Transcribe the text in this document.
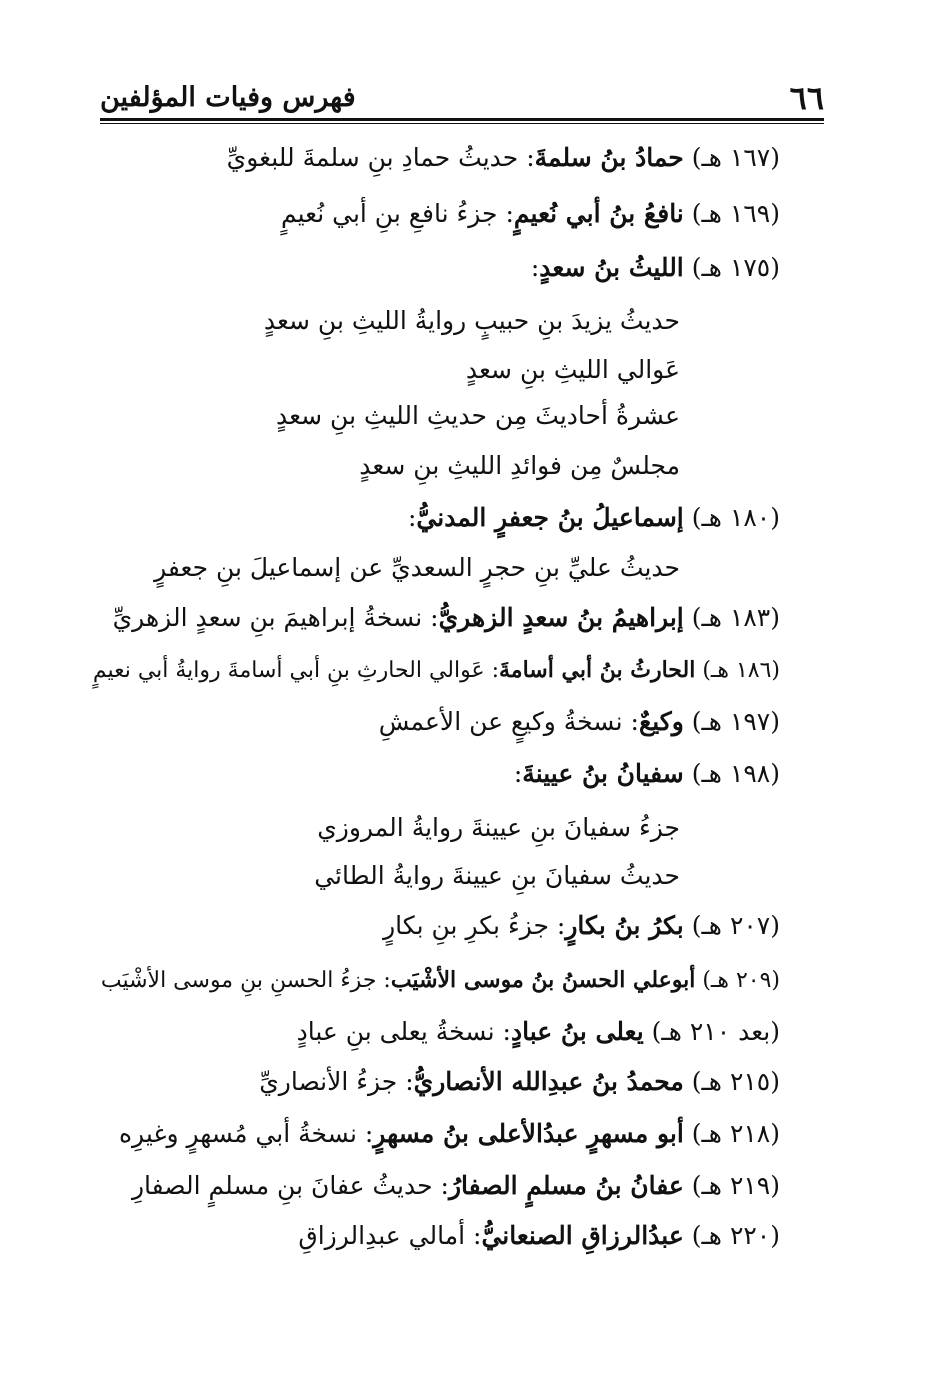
٦٦
فهرس وفيات المؤلفين
(١٦٧ هـ) حمادُ بنُ سلمةَ: حديثُ حمادِ بنِ سلمةَ للبغويِّ
(١٦٩ هـ) نافعُ بنُ أبي نُعيمٍ: جزءُ نافعِ بنِ أبي نُعيمٍ
(١٧٥ هـ) الليثُ بنُ سعدٍ:
حديثُ يزيدَ بنِ حبيبٍ روايةُ الليثِ بنِ سعدٍ
عَوالي الليثِ بنِ سعدٍ
عشرةُ أحاديثَ مِن حديثِ الليثِ بنِ سعدٍ
مجلسٌ مِن فوائدِ الليثِ بنِ سعدٍ
(١٨٠ هـ) إسماعيلُ بنُ جعفرٍ المدنيُّ:
حديثُ عليِّ بنِ حجرٍ السعديِّ عن إسماعيلَ بنِ جعفرٍ
(١٨٣ هـ) إبراهيمُ بنُ سعدٍ الزهريُّ: نسخةُ إبراهيمَ بنِ سعدٍ الزهريِّ
(١٨٦ هـ) الحارثُ بنُ أبي أسامةَ: عَوالي الحارثِ بنِ أبي أسامةَ روايةُ أبي نعيمٍ
(١٩٧ هـ) وكيعٌ: نسخةُ وكيعٍ عن الأعمشِ
(١٩٨ هـ) سفيانُ بنُ عيينةَ:
جزءُ سفيانَ بنِ عيينةَ روايةُ المروزي
حديثُ سفيانَ بنِ عيينةَ روايةُ الطائي
(٢٠٧ هـ) بكرُ بنُ بكارٍ: جزءُ بكرِ بنِ بكارٍ
(٢٠٩ هـ) أبوعلي الحسنُ بنُ موسى الأشْيَب: جزءُ الحسنِ بنِ موسى الأشْيَب
(بعد ٢١٠ هـ) يعلى بنُ عبادٍ: نسخةُ يعلى بنِ عبادٍ
(٢١٥ هـ) محمدُ بنُ عبدِالله الأنصاريُّ: جزءُ الأنصاريِّ
(٢١٨ هـ) أبو مسهرٍ عبدُالأعلى بنُ مسهرٍ: نسخةُ أبي مُسهرٍ وغيرِه
(٢١٩ هـ) عفانُ بنُ مسلمٍ الصفارُ: حديثُ عفانَ بنِ مسلمٍ الصفارِ
(٢٢٠ هـ) عبدُالرزاقِ الصنعانيُّ: أمالي عبدِالرزاقِ
